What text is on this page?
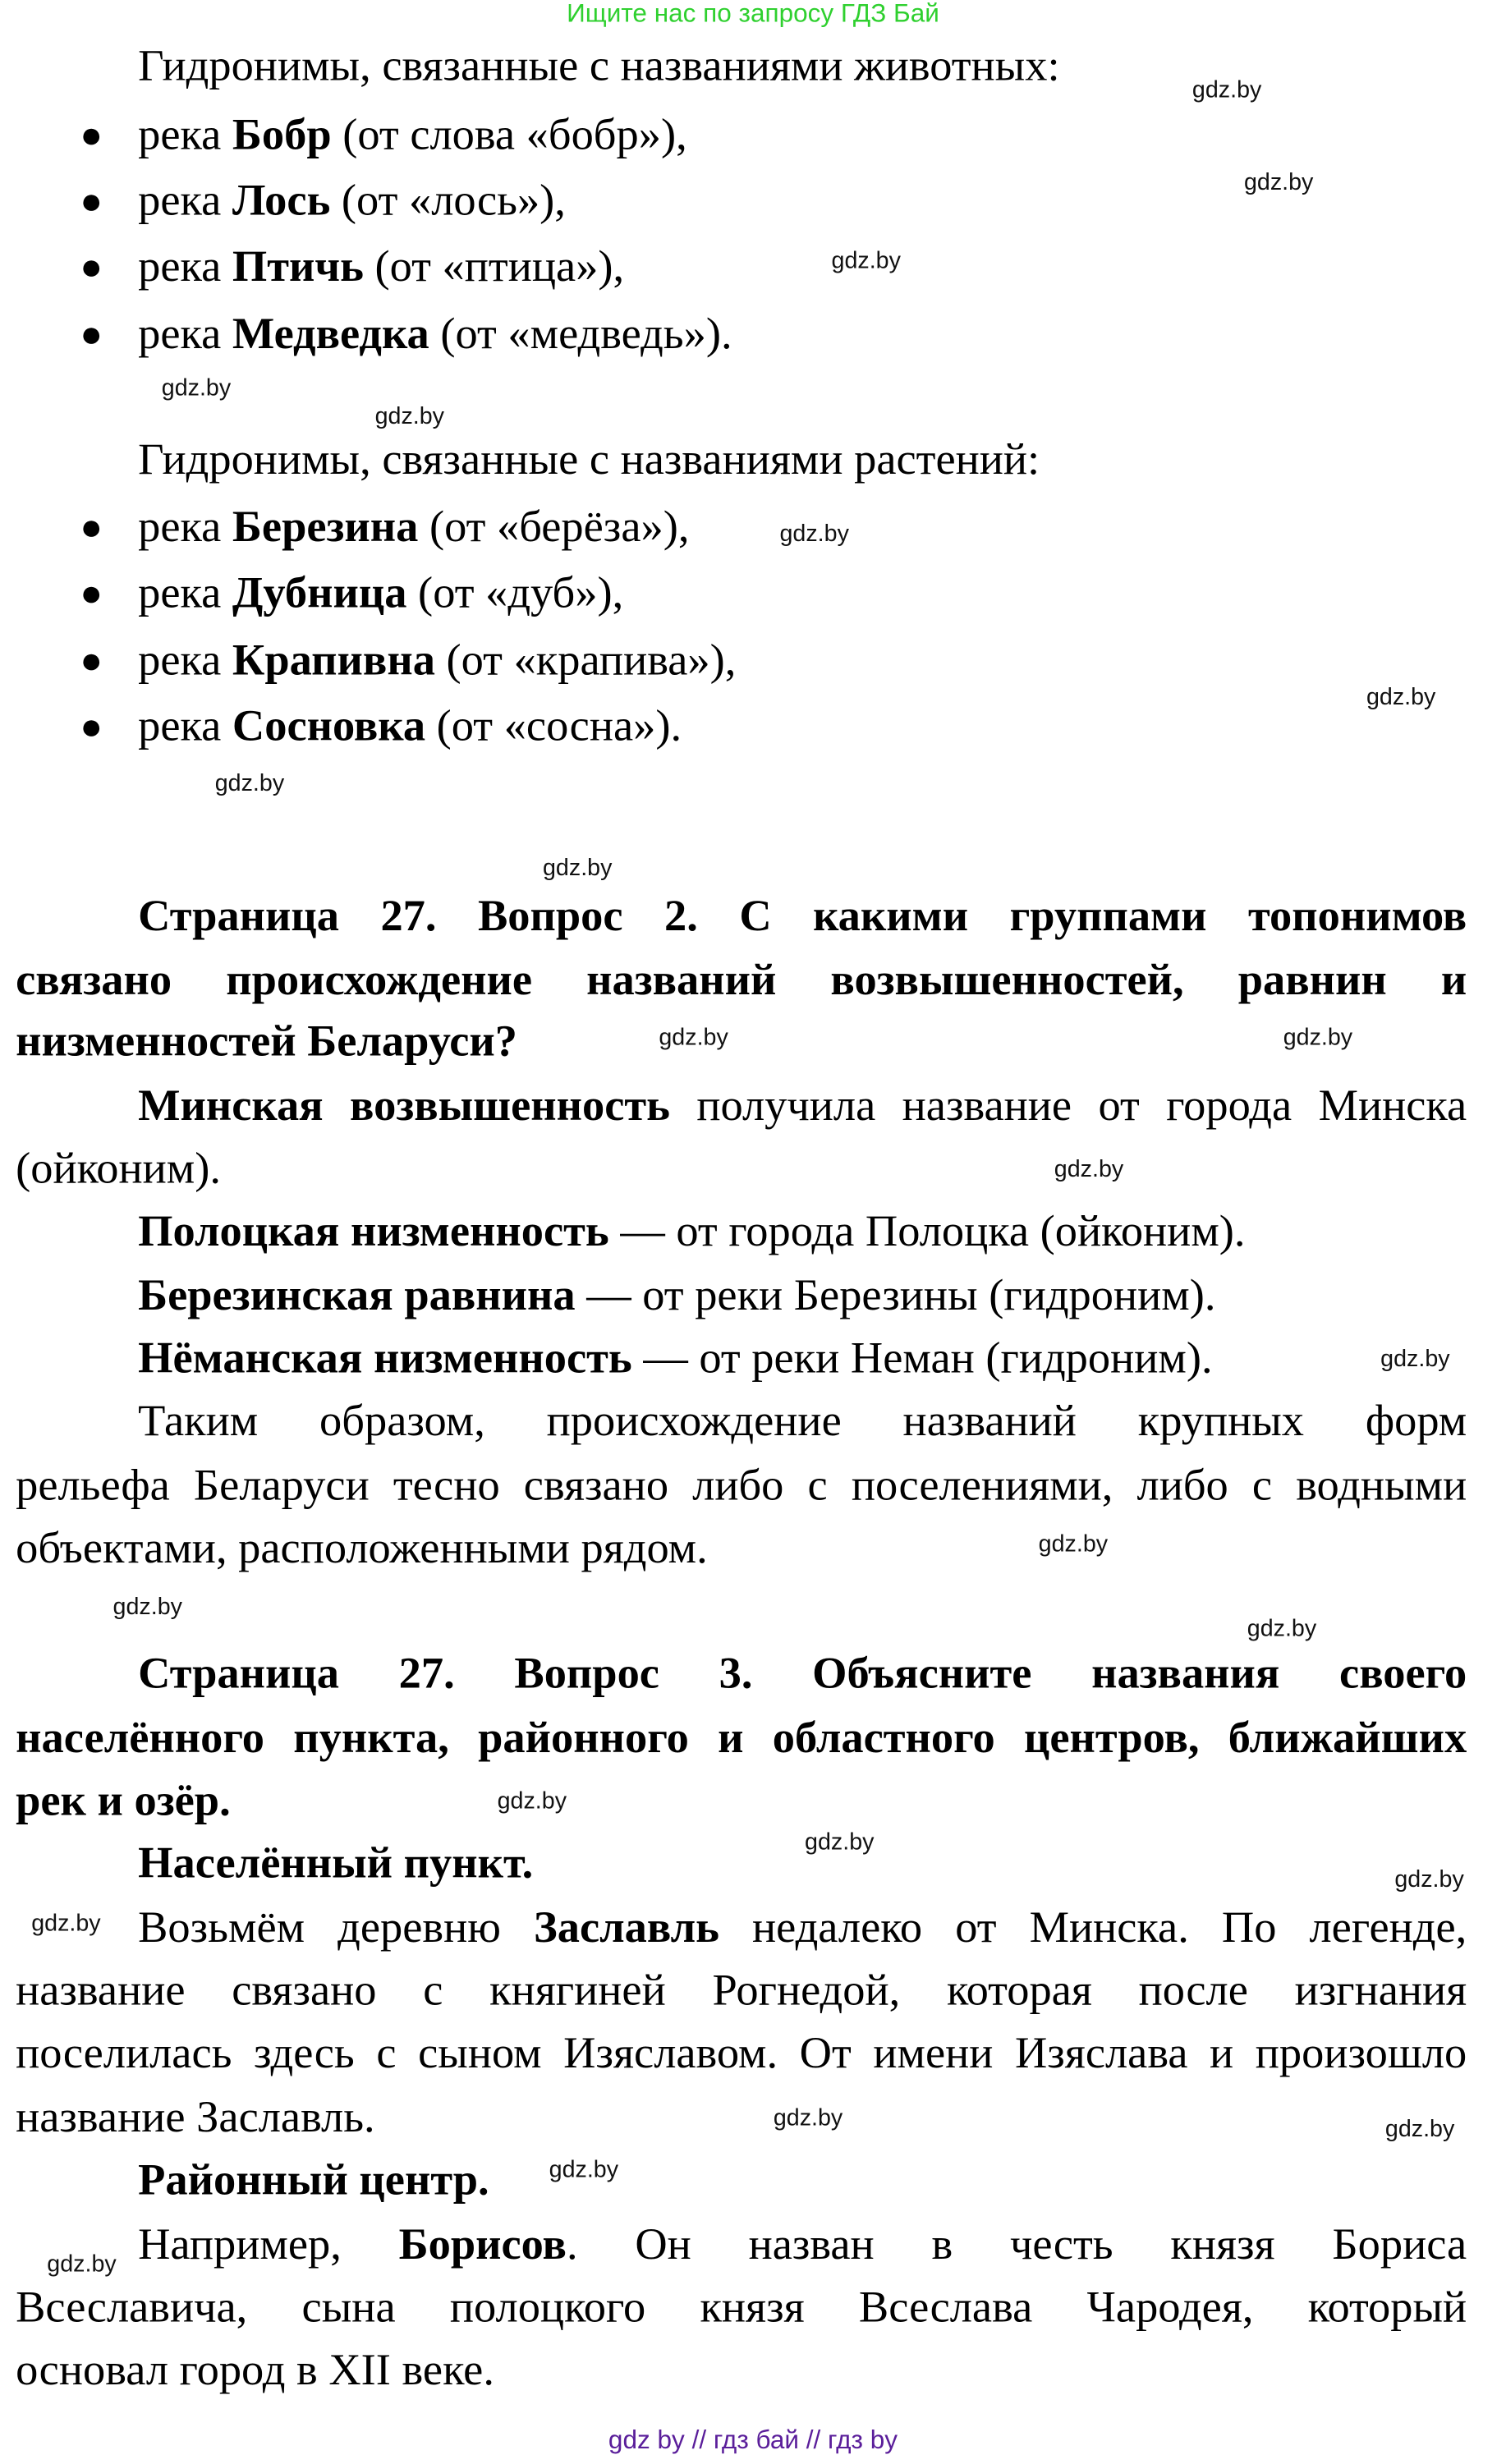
Ищите нас по запросу ГДЗ Бай
Гидронимы, связанные с названиями животных:
● река Бобр (от слова «бобр»),
● река Лось (от «лось»),
● река Птичь (от «птица»),
● река Медведка (от «медведь»).
Гидронимы, связанные с названиями растений:
● река Березина (от «берёза»),
● река Дубница (от «дуб»),
● река Крапивна (от «крапива»),
● река Сосновка (от «сосна»).
Страница 27. Вопрос 2. С какими группами топонимов
связано происхождение названий возвышенностей, равнин и
низменностей Беларуси?
Минская возвышенность получила название от города Минска
(ойконим).
Полоцкая низменность — от города Полоцка (ойконим).
Березинская равнина — от реки Березины (гидроним).
Нёманская низменность — от реки Неман (гидроним).
Таким образом, происхождение названий крупных форм
рельефа Беларуси тесно связано либо с поселениями, либо с водными
объектами, расположенными рядом.
Страница 27. Вопрос 3. Объясните названия своего
населённого пункта, районного и областного центров, ближайших
рек и озёр.
Населённый пункт.
Возьмём деревню Заславль недалеко от Минска. По легенде,
название связано с княгиней Рогнедой, которая после изгнания
поселилась здесь с сыном Изяславом. От имени Изяслава и произошло
название Заславль.
Районный центр.
Например, Борисов. Он назван в честь князя Бориса
Всеславича, сына полоцкого князя Всеслава Чародея, который
основал город в XII веке.
gdz.by
gdz.by
gdz.by
gdz.by
gdz.by
gdz.by
gdz.by
gdz.by
gdz.by
gdz.by
gdz.by
gdz.by
gdz.by
gdz.by
gdz.by
gdz.by
gdz.by
gdz.by
gdz.by
gdz.by
gdz.by	gdz.by
gdz.by
gdz.by
gdz by // гдз бай // гдз by
